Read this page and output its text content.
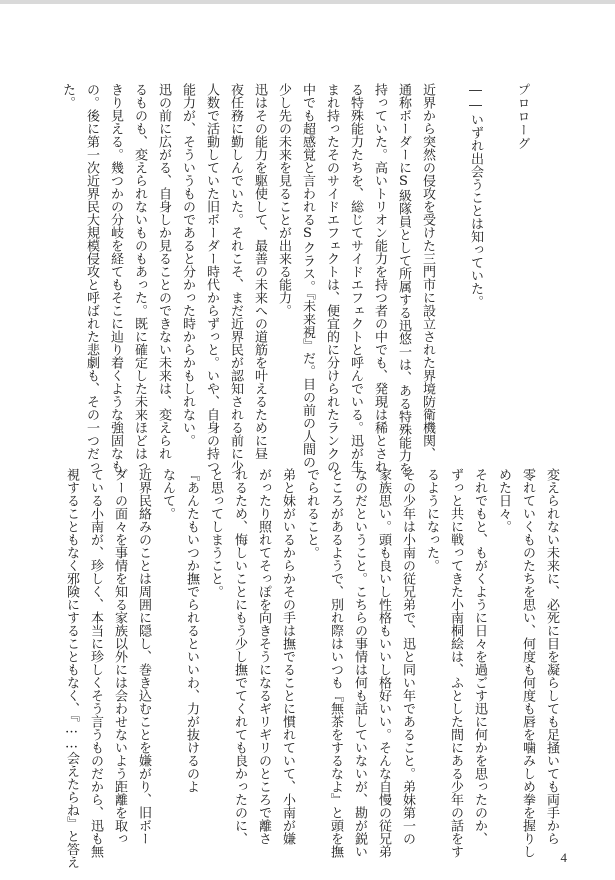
プロローグ
――いずれ出会うことは知っていた。
近界から突然の侵攻を受けた三門市に設立された界境防衛機関、
通称ボーダーにS級隊員として所属する迅悠一は、ある特殊能力を
持っていた。高いトリオン能力を持つ者の中でも、発現は稀とされ
る特殊能力たちを、総じてサイドエフェクトと呼んでいる。迅が生
まれ持ったそのサイドエフェクトは、便宜的に分けられたランクの
中でも超感覚と言われるSクラス。『未来視』だ。目の前の人間の
少し先の未来を見ることが出来る能力。
迅はその能力を駆使して、最善の未来への道筋を叶えるために昼
夜任務に勤しんでいた。それこそ、まだ近界民が認知される前に少
人数で活動していた旧ボーダー時代からずっと。いや、自身の持つ
能力が、そういうものであると分かった時からかもしれない。
迅の前に広がる、自身しか見ることのできない未来は、変えられ
るものも、変えられないものもあった。既に確定した未来ほどはっ
きり見える。幾つかの分岐を経てもそこに辿り着くような強固なも
の。後に第一次近界民大規模侵攻と呼ばれた悲劇も、その一つだっ
た。
変えられない未来に、必死に目を凝らしても足掻いても両手から
零れていくものたちを思い、何度も何度も唇を噛みしめ拳を握りし
めた日々。
それでもと、もがくように日々を過ごす迅に何かを思ったのか、
ずっと共に戦ってきた小南桐絵は、ふとした間にある少年の話をす
るようになった。
その少年は小南の従兄弟で、迅と同い年であること。弟妹第一の
家族思い。頭も良いし性格もいいし格好いい。そんな自慢の従兄弟
なのだということ。こちらの事情は何も話していないが、勘が鋭い
ところがあるようで、別れ際はいつも『無茶をするなよ』と頭を撫
でられること。
弟と妹がいるからかその手は撫でることに慣れていて、小南が嫌
がったり照れてそっぽを向きそうになるギリギリのところで離さ
れるため、悔しいことにもう少し撫でてくれても良かったのに、
と思ってしまうこと。
『あんたもいつか撫でられるといいわ、力が抜けるのよ
なんて。
近界民絡みのことは周囲に隠し、巻き込むことを嫌がり、旧ボー
ダーの面々を事情を知る家族以外には会わせないよう距離を取っ
ている小南が、珍しく、本当に珍しくそう言うものだから、迅も無
視することもなく邪険にすることもなく、『……会えたらね』と答え	4
